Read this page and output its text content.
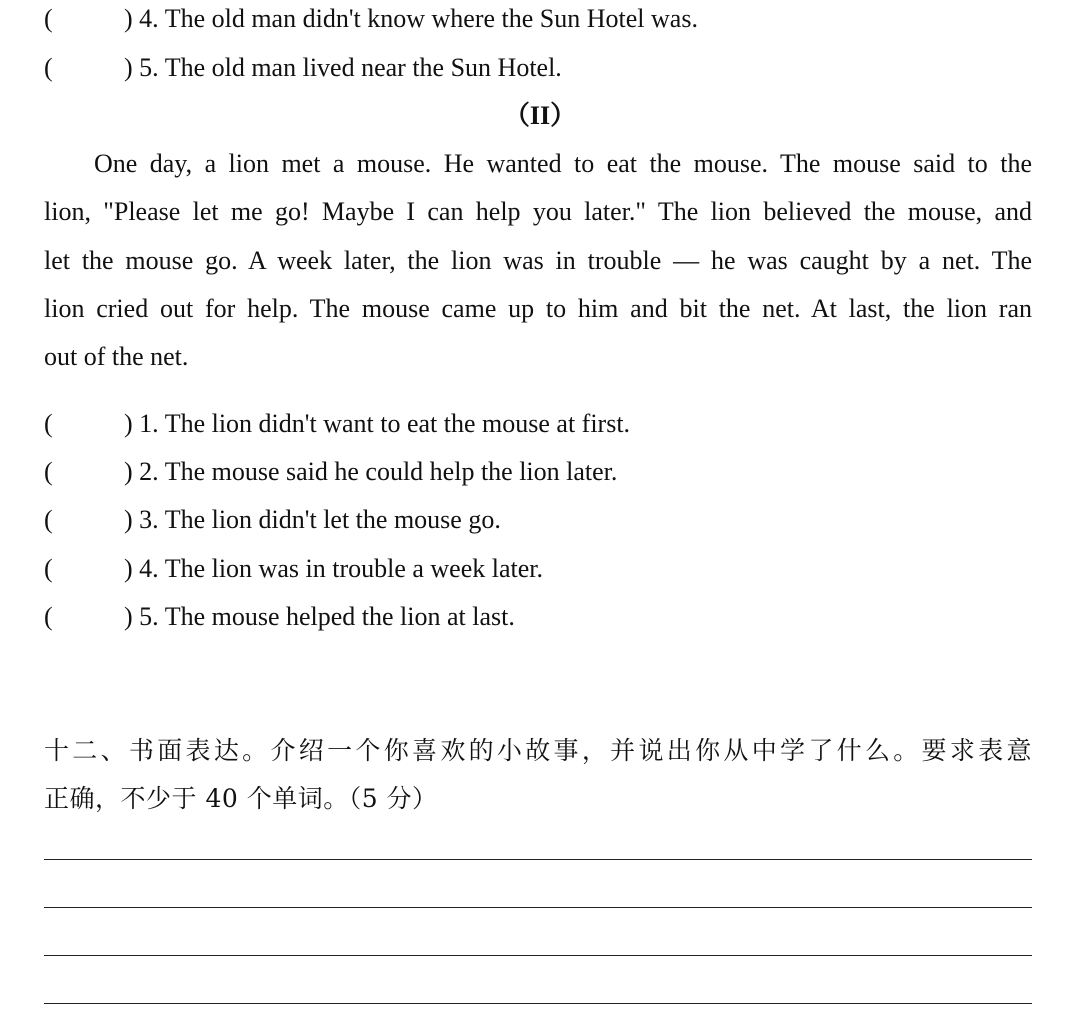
(	) 4. The old man didn't know where the Sun Hotel was.
(	) 5. The old man lived near the Sun Hotel.
（II）
One day, a lion met a mouse. He wanted to eat the mouse. The mouse said to the
lion, "Please let me go! Maybe I can help you later." The lion believed the mouse, and
let the mouse go. A week later, the lion was in trouble — he was caught by a net. The
lion cried out for help. The mouse came up to him and bit the net. At last, the lion ran
out of the net.
(	) 1. The lion didn't want to eat the mouse at first.
(	) 2. The mouse said he could help the lion later.
(	) 3. The lion didn't let the mouse go.
(	) 4. The lion was in trouble a week later.
(	) 5. The mouse helped the lion at last.
十二、书面表达。介绍一个你喜欢的小故事，并说出你从中学了什么。要求表意
正确，不少于 40 个单词。（5 分）
